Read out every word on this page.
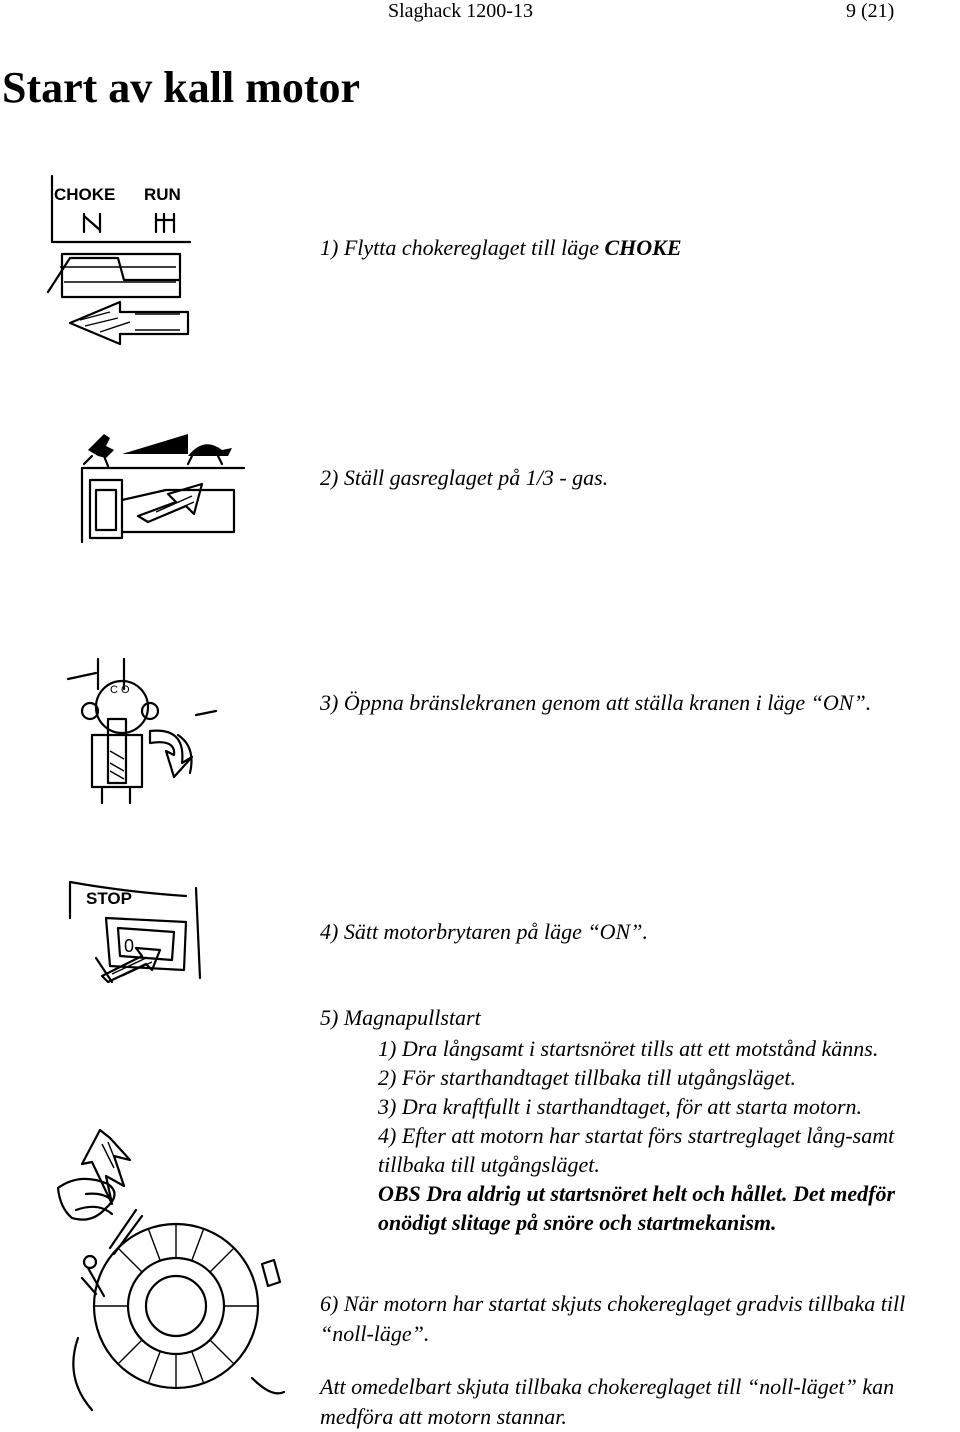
Slaghack 1200-13	9 (21)
Start av kall motor
CHOKE RUN
C O
STOP
0
1) Flytta chokereglaget till läge CHOKE
2) Ställ gasreglaget på 1/3 - gas.
3) Öppna bränslekranen genom att ställa kranen i läge “ON”.
4) Sätt motorbrytaren på läge “ON”.
5) Magnapullstart

1) Dra långsamt i startsnöret tills att ett motstånd känns.

2) För starthandtaget tillbaka till utgångsläget.

3) Dra kraftfullt i starthandtaget, för att starta motorn.

4) Efter att motorn har startat förs startreglaget lång-samt tillbaka till utgångsläget.

OBS Dra aldrig ut startsnöret helt och hållet. Det medför onödigt slitage på snöre och startmekanism.

6) När motorn har startat skjuts chokereglaget gradvis tillbaka till “noll-läge”.
Att omedelbart skjuta tillbaka chokereglaget till “noll-läget” kan medföra att motorn stannar.
